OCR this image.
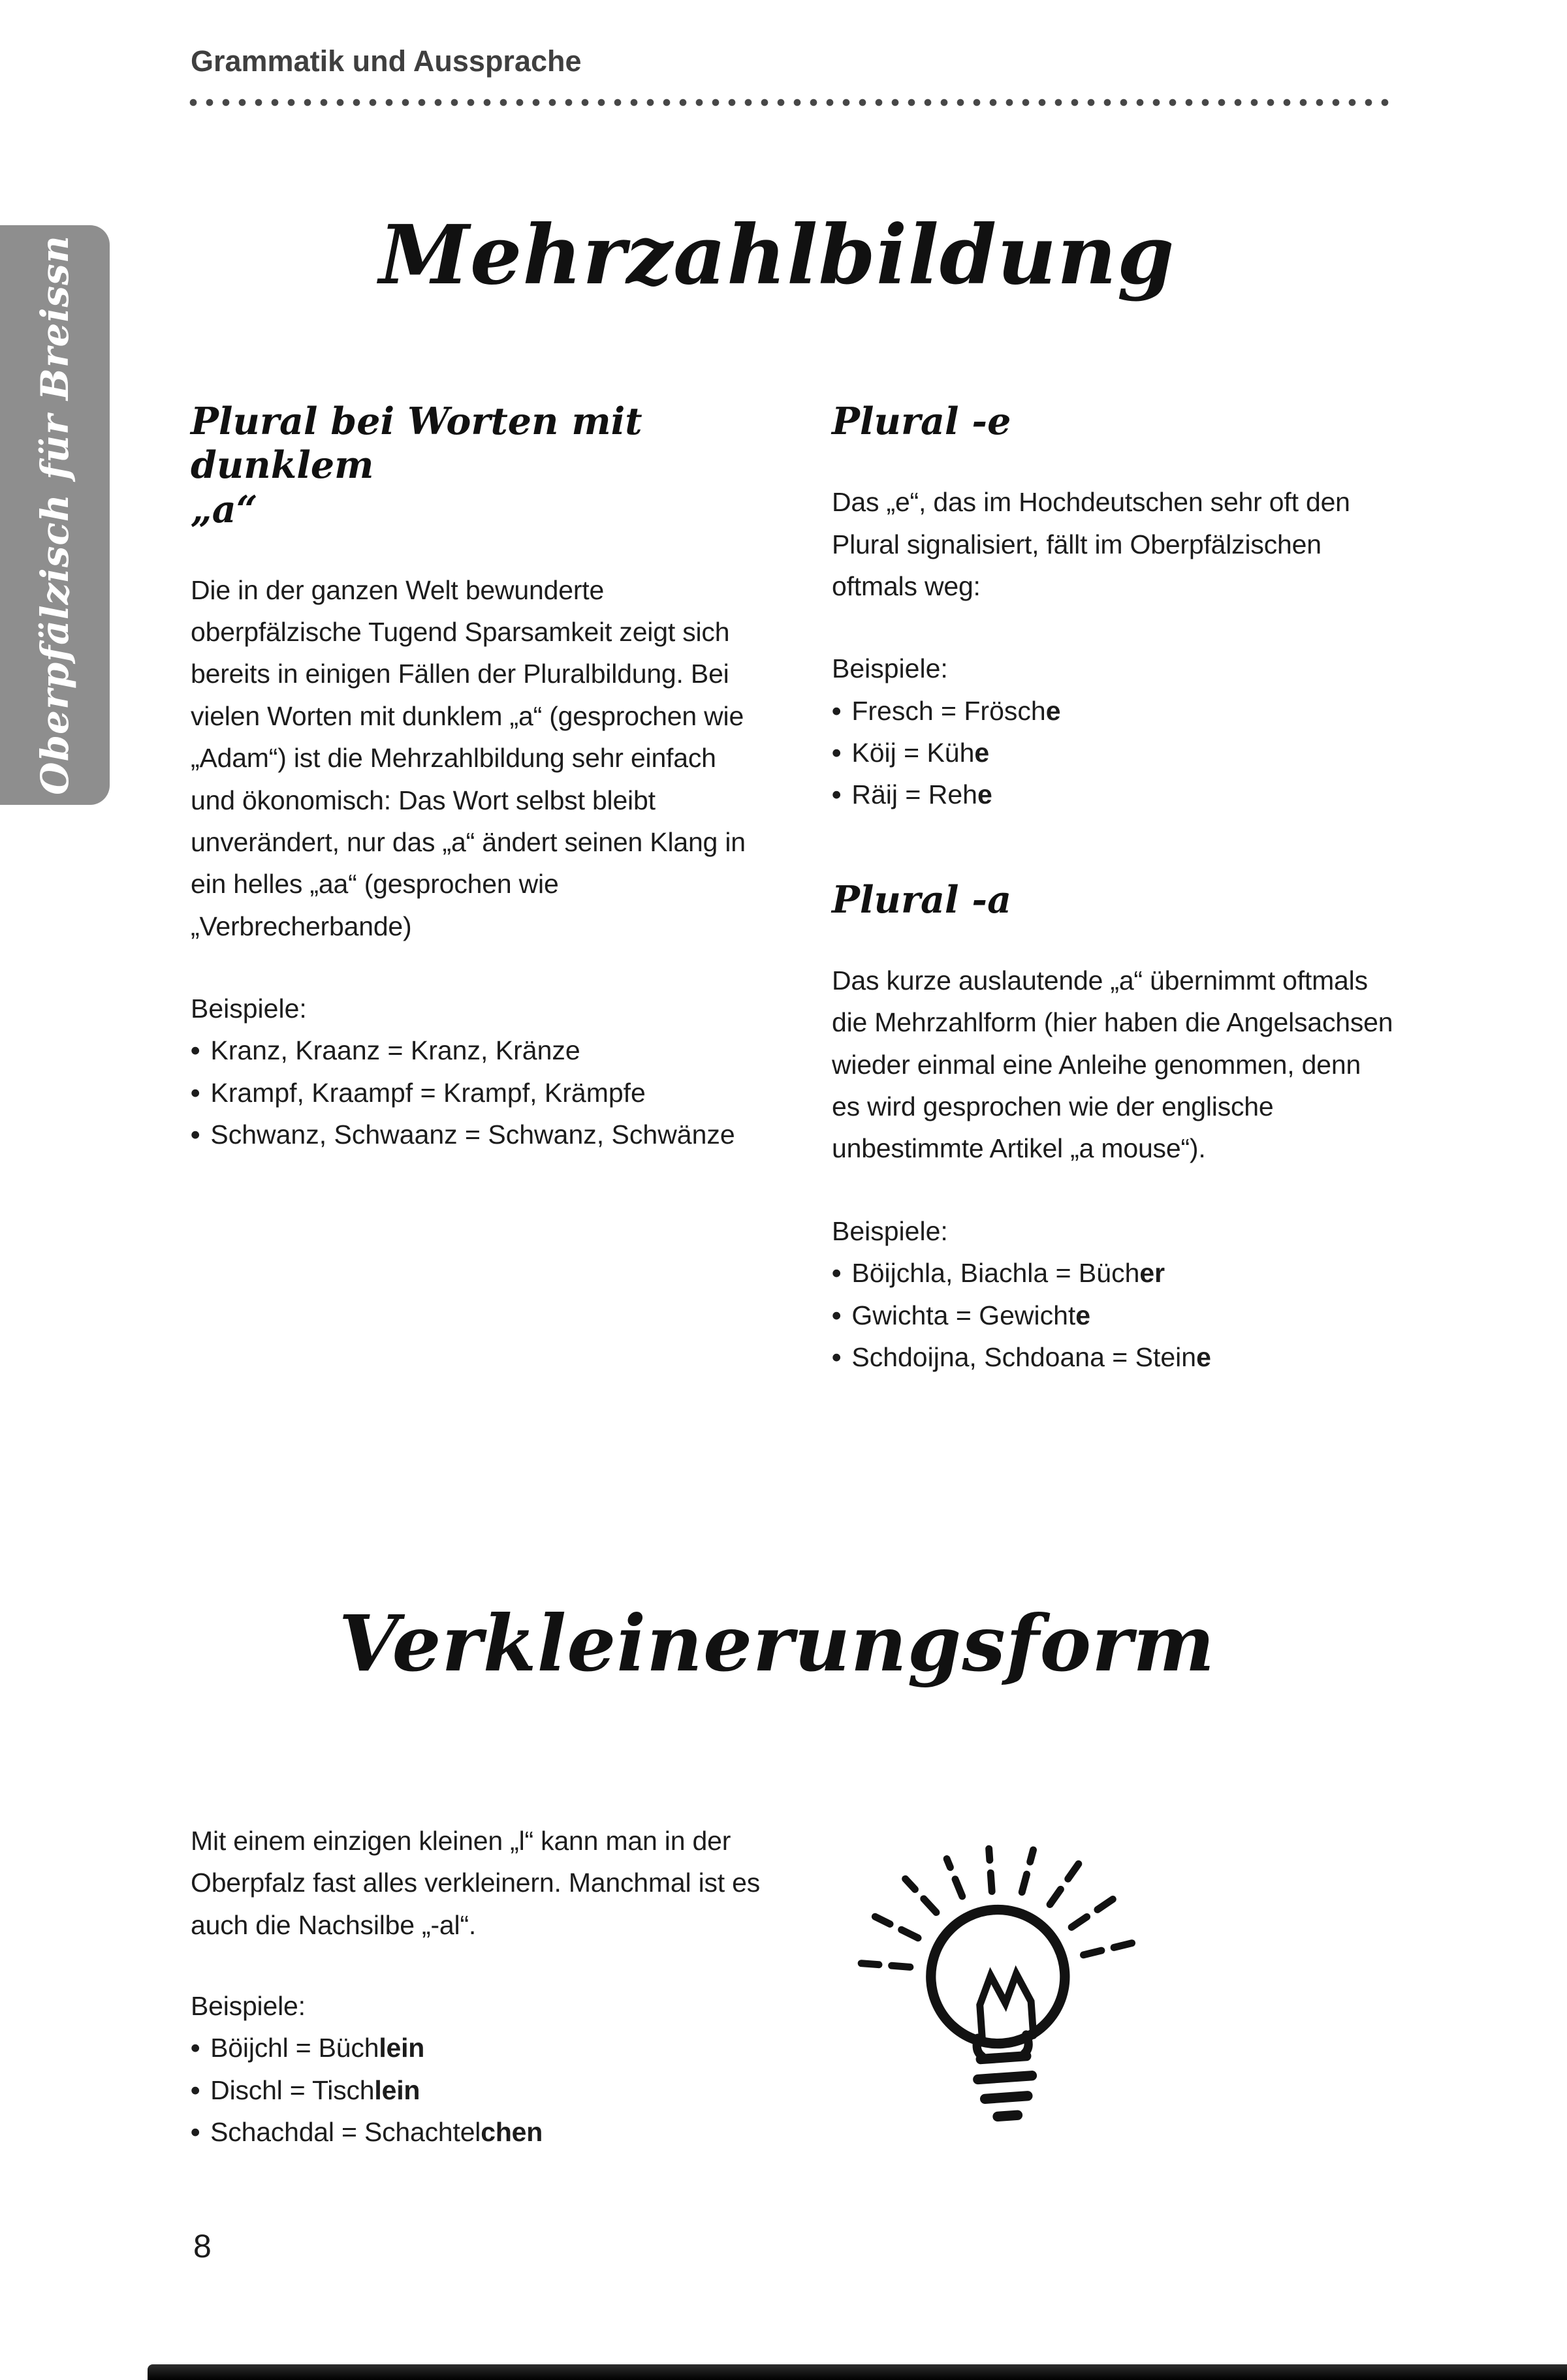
Grammatik und Aussprache
Oberpfälzisch für Breissn	Mehrzahlbildung
Plural bei Worten mit dunklem
„a“

Die in der ganzen Welt bewunderte oberpfälzische Tugend Sparsamkeit zeigt sich bereits in einigen Fällen der Pluralbildung. Bei vielen Worten mit dunklem „a“ (gesprochen wie „Adam“) ist die Mehrzahlbildung sehr einfach und ökonomisch: Das Wort selbst bleibt unverändert, nur das „a“ ändert seinen Klang in ein helles „aa“ (gesprochen wie „Verbrecherbande)

Beispiele:
• Kranz, Kraanz = Kranz, Kränze
• Krampf, Kraampf = Krampf, Krämpfe
• Schwanz, Schwaanz = Schwanz, Schwänze
Plural -e

Das „e“, das im Hochdeutschen sehr oft den Plural signalisiert, fällt im Oberpfälzischen oftmals weg:

Beispiele:
• Fresch = Frösche
• Köij = Kühe
• Räij = Rehe
Plural -a

Das kurze auslautende „a“ übernimmt oftmals die Mehrzahlform (hier haben die Angelsachsen wieder einmal eine Anleihe genommen, denn es wird gesprochen wie der englische unbestimmte Artikel „a mouse“).

Beispiele:
• Böijchla, Biachla = Bücher
• Gwichta = Gewichte
• Schdoijna, Schdoana = Steine
Verkleinerungsform

Mit einem einzigen kleinen „l“ kann man in der Oberpfalz fast alles verkleinern. Manchmal ist es auch die Nachsilbe „-al“.

Beispiele:
• Böijchl = Büchlein
• Dischl = Tischlein
• Schachdal = Schachtelchen
8
